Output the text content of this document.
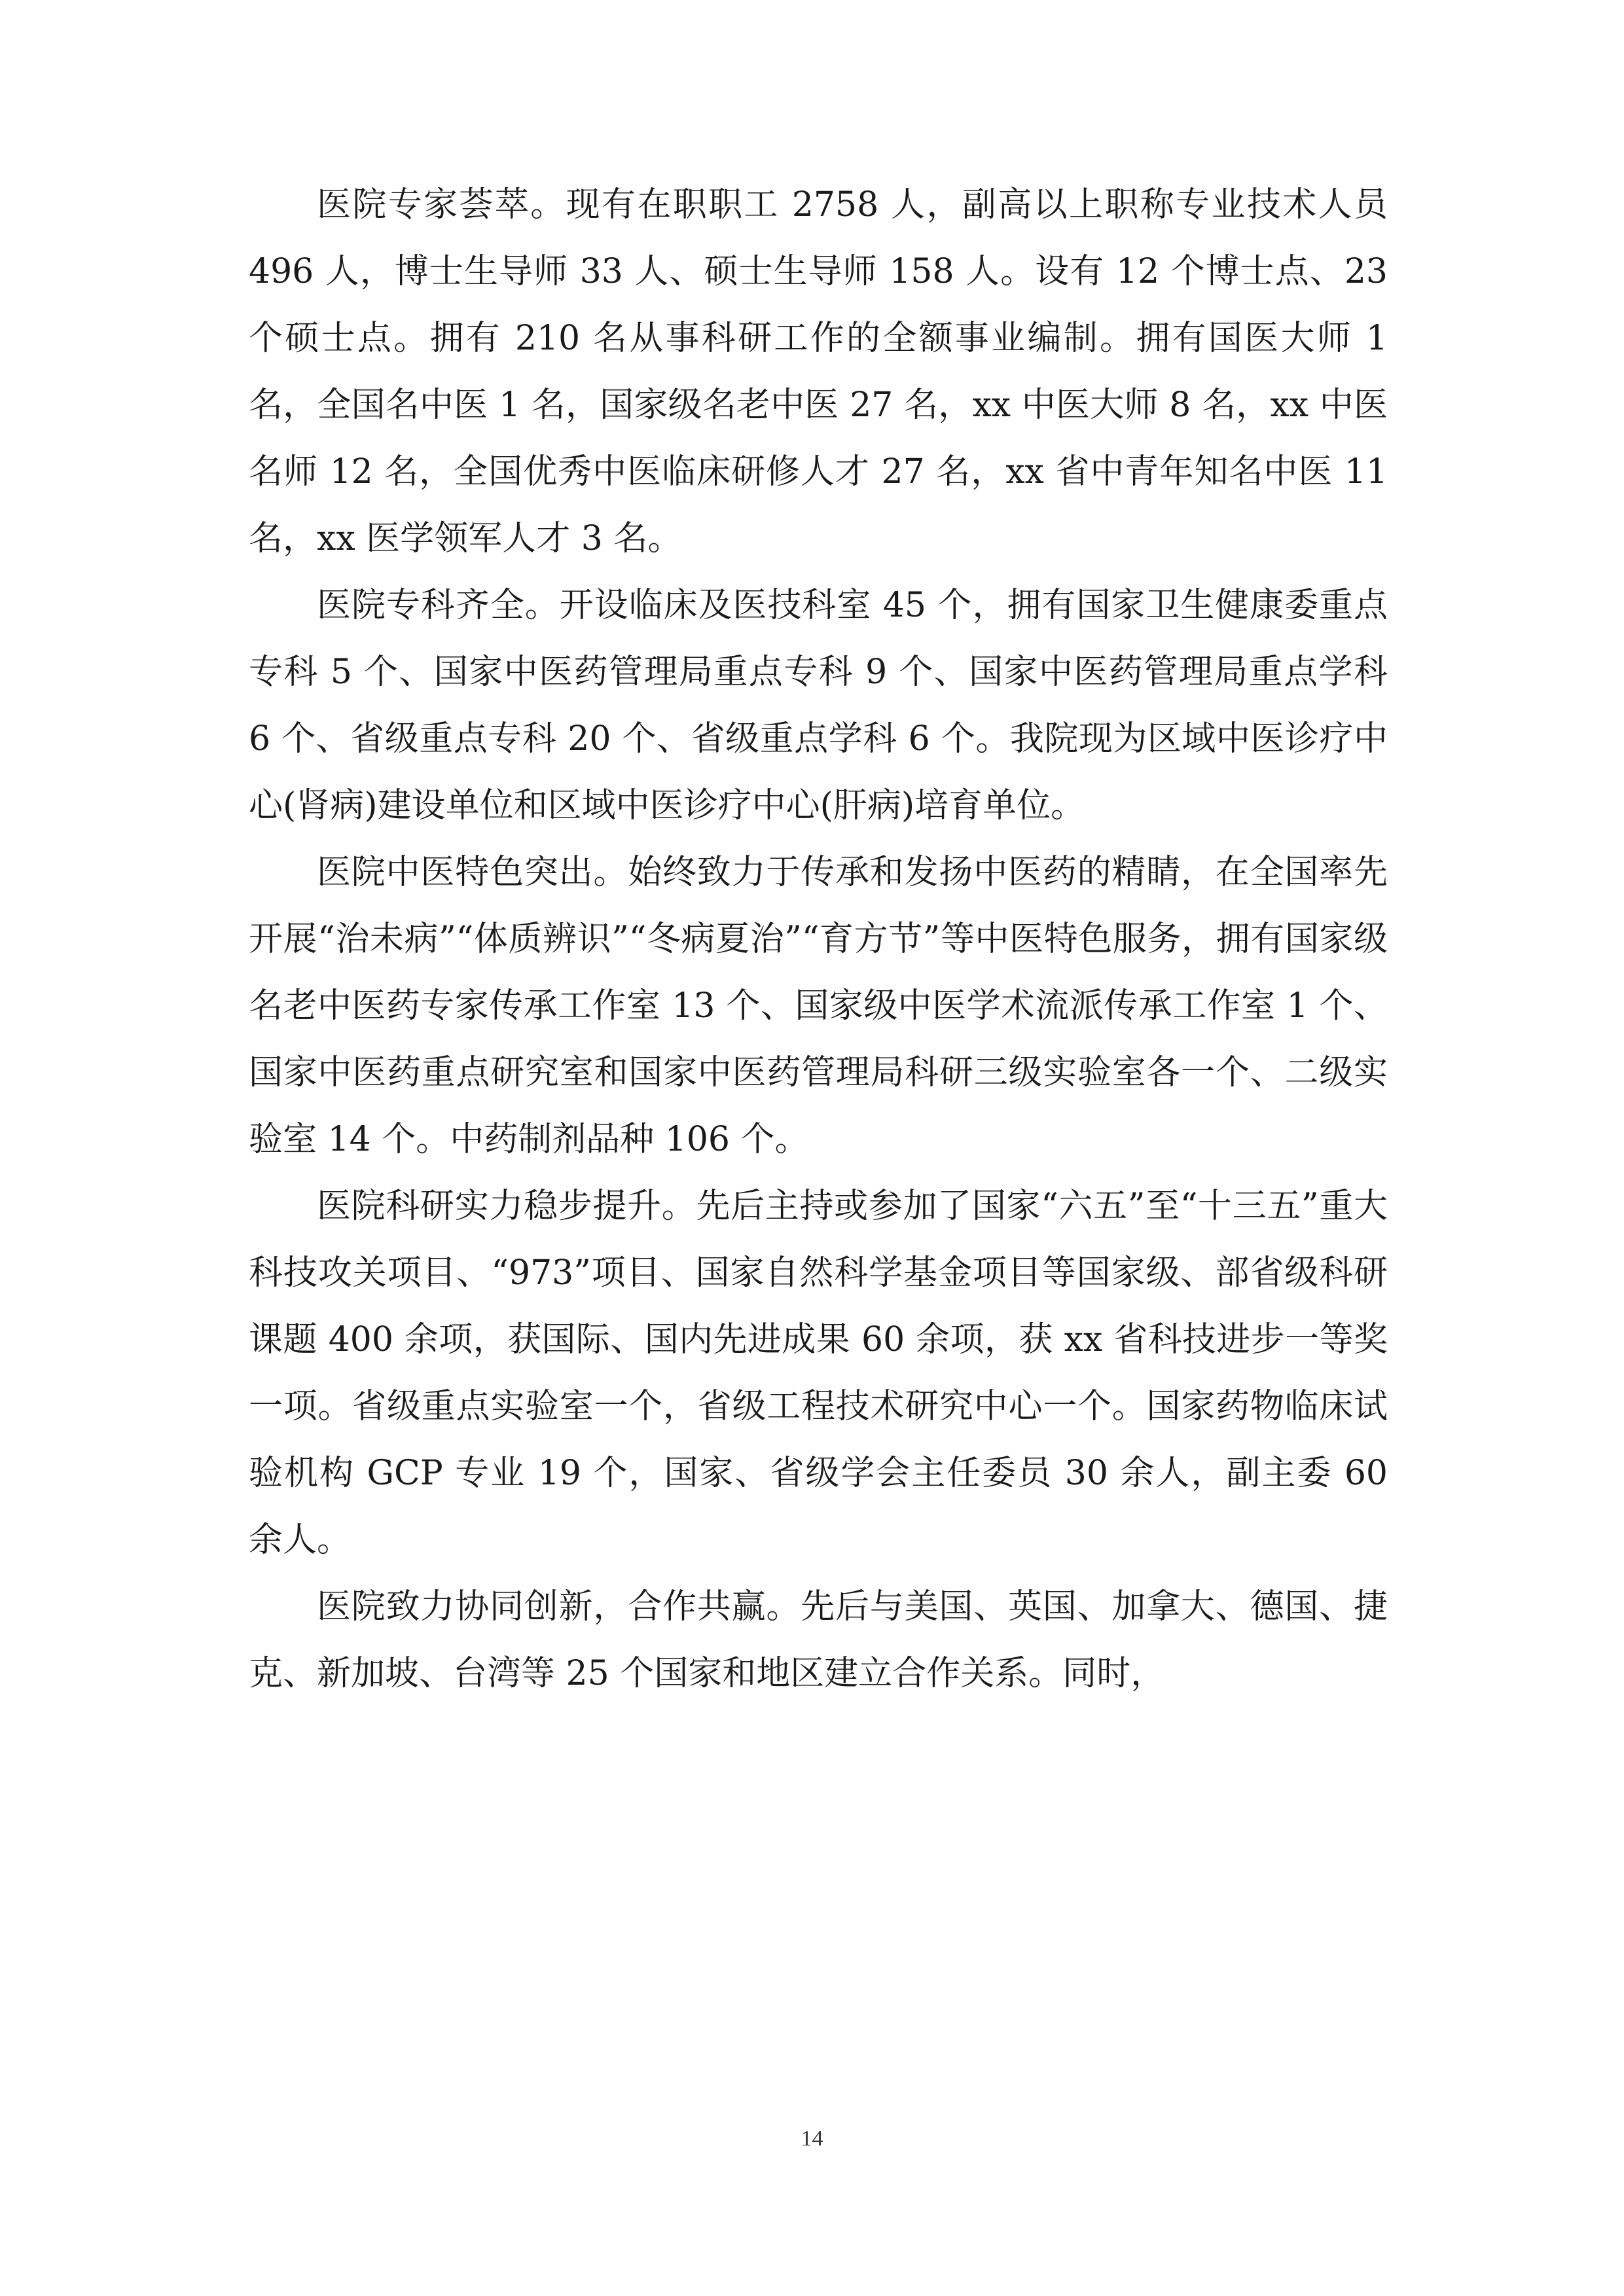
医院专家荟萃。现有在职职工 2758 人，副高以上职称专业技术人员 496 人，博士生导师 33 人、硕士生导师 158 人。设有 12 个博士点、23 个硕士点。拥有 210 名从事科研工作的全额事业编制。拥有国医大师 1 名，全国名中医 1 名，国家级名老中医 27 名，xx 中医大师 8 名，xx 中医名师 12 名，全国优秀中医临床研修人才 27 名，xx 省中青年知名中医 11 名，xx 医学领军人才 3 名。

医院专科齐全。开设临床及医技科室 45 个，拥有国家卫生健康委重点专科 5 个、国家中医药管理局重点专科 9 个、国家中医药管理局重点学科 6 个、省级重点专科 20 个、省级重点学科 6 个。我院现为区域中医诊疗中心(肾病)建设单位和区域中医诊疗中心(肝病)培育单位。

医院中医特色突出。始终致力于传承和发扬中医药的精睛，在全国率先开展“治未病”“体质辨识”“冬病夏治”“育方节”等中医特色服务，拥有国家级名老中医药专家传承工作室 13 个、国家级中医学术流派传承工作室 1 个、国家中医药重点研究室和国家中医药管理局科研三级实验室各一个、二级实验室 14 个。中药制剂品种 106 个。

医院科研实力稳步提升。先后主持或参加了国家“六五”至“十三五”重大科技攻关项目、“973”项目、国家自然科学基金项目等国家级、部省级科研课题 400 余项，获国际、国内先进成果 60 余项，获 xx 省科技进步一等奖一项。省级重点实验室一个，省级工程技术研究中心一个。国家药物临床试验机构 GCP 专业 19 个，国家、省级学会主任委员 30 余人，副主委 60 余人。

医院致力协同创新，合作共赢。先后与美国、英国、加拿大、德国、捷克、新加坡、台湾等 25 个国家和地区建立合作关系。同时，

14
